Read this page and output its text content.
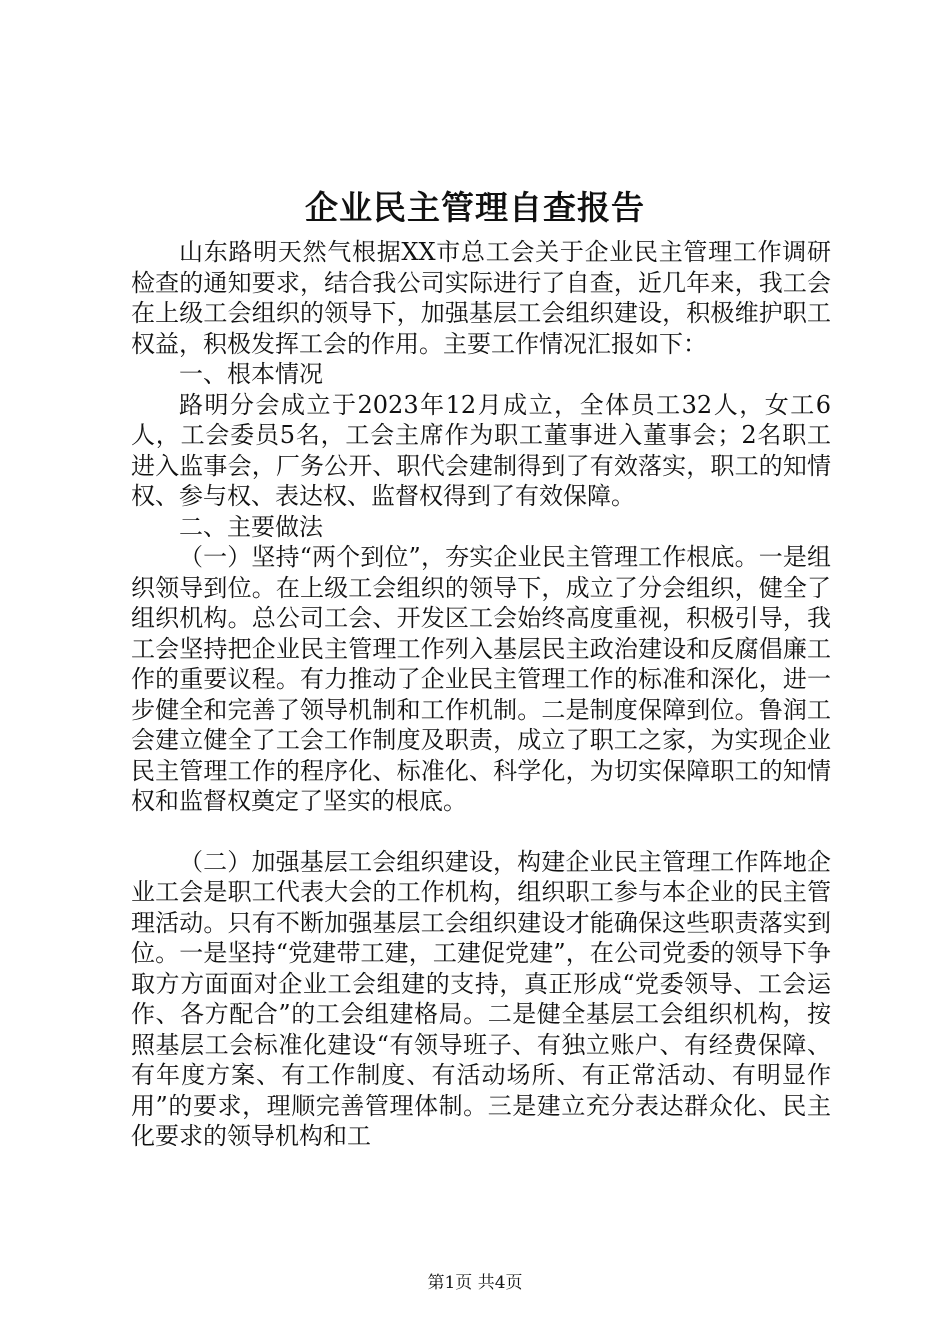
企业民主管理自查报告

山东路明天然气根据XX市总工会关于企业民主管理工作调研检查的通知要求，结合我公司实际进行了自查，近几年来，我工会在上级工会组织的领导下，加强基层工会组织建设，积极维护职工权益，积极发挥工会的作用。主要工作情况汇报如下：

一、根本情况

路明分会成立于2023年12月成立，全体员工32人，女工6人，工会委员5名，工会主席作为职工董事进入董事会；2名职工进入监事会，厂务公开、职代会建制得到了有效落实，职工的知情权、参与权、表达权、监督权得到了有效保障。

二、主要做法

（一）坚持“两个到位”，夯实企业民主管理工作根底。一是组织领导到位。在上级工会组织的领导下，成立了分会组织，健全了组织机构。总公司工会、开发区工会始终高度重视，积极引导，我工会坚持把企业民主管理工作列入基层民主政治建设和反腐倡廉工作的重要议程。有力推动了企业民主管理工作的标准和深化，进一步健全和完善了领导机制和工作机制。二是制度保障到位。鲁润工会建立健全了工会工作制度及职责，成立了职工之家，为实现企业民主管理工作的程序化、标准化、科学化，为切实保障职工的知情权和监督权奠定了坚实的根底。

（二）加强基层工会组织建设，构建企业民主管理工作阵地企业工会是职工代表大会的工作机构，组织职工参与本企业的民主管理活动。只有不断加强基层工会组织建设才能确保这些职责落实到位。一是坚持“党建带工建，工建促党建”，在公司党委的领导下争取方方面面对企业工会组建的支持，真正形成“党委领导、工会运作、各方配合”的工会组建格局。二是健全基层工会组织机构，按照基层工会标准化建设“有领导班子、有独立账户、有经费保障、有年度方案、有工作制度、有活动场所、有正常活动、有明显作用”的要求，理顺完善管理体制。三是建立充分表达群众化、民主化要求的领导机构和工

第1页 共4页
